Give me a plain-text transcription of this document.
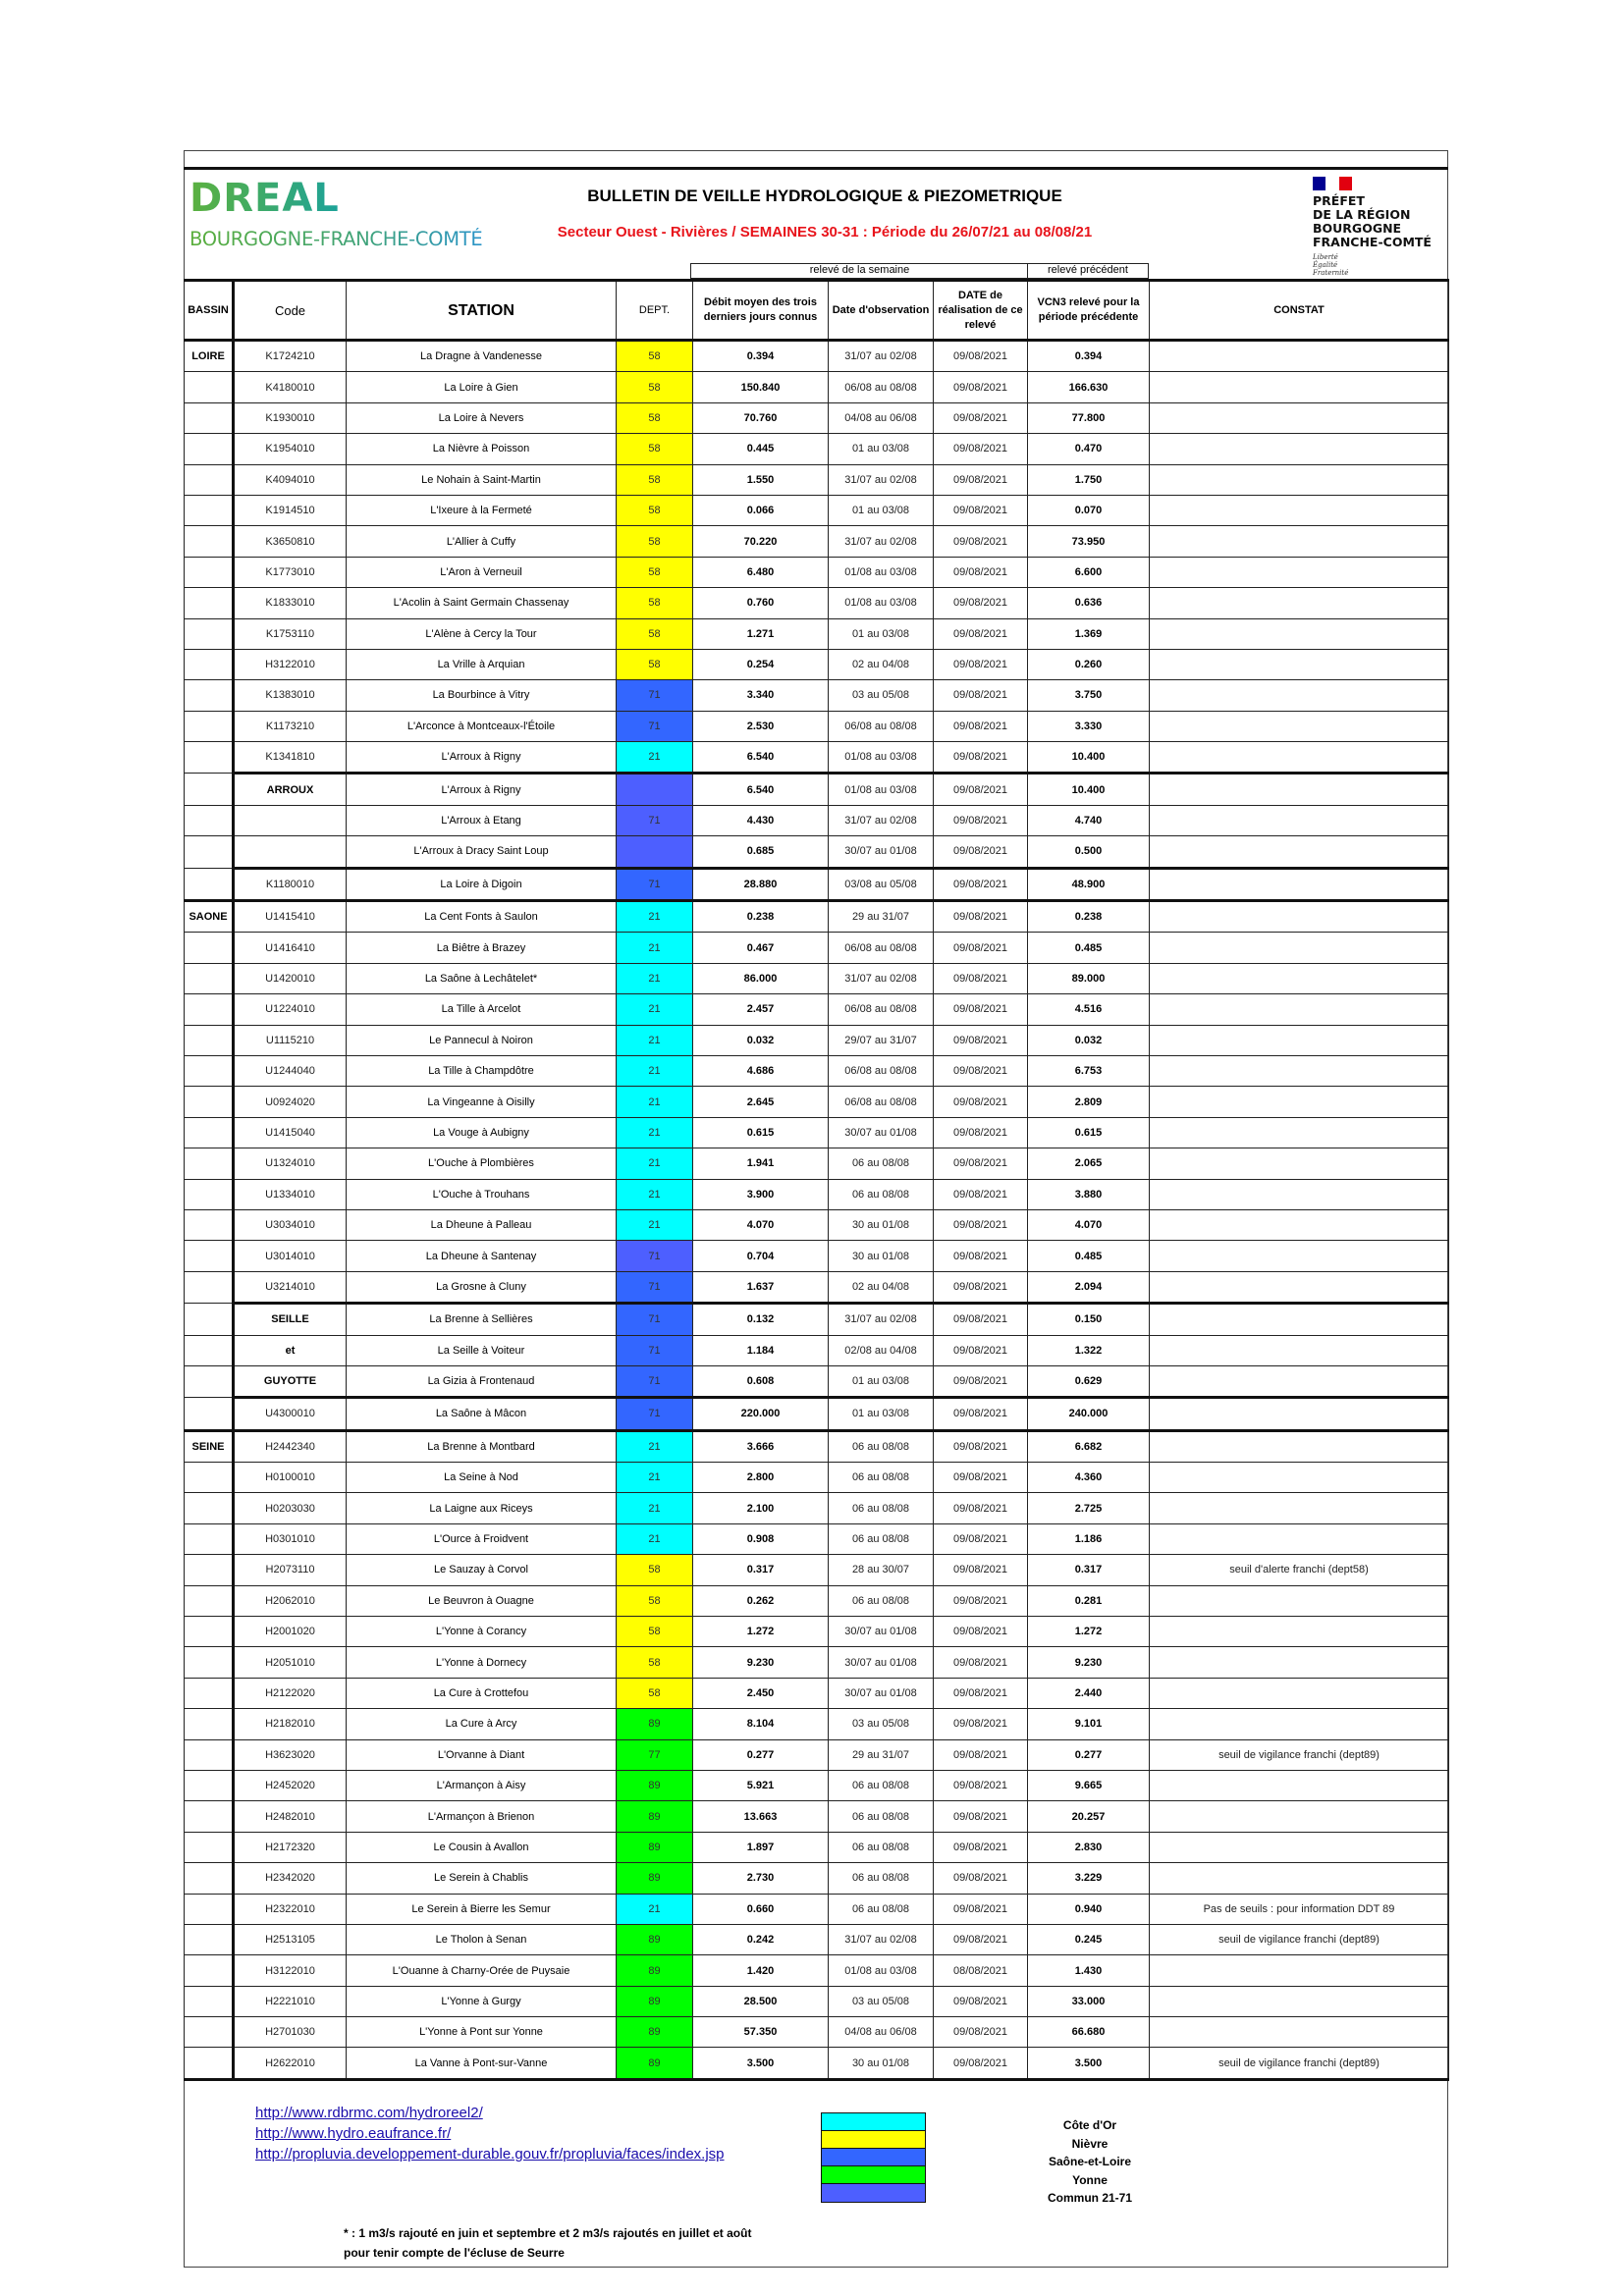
DREAL
BOURGOGNE-FRANCHE-COMTÉ
BULLETIN DE VEILLE HYDROLOGIQUE & PIEZOMETRIQUE
Secteur Ouest - Rivières / SEMAINES 30-31 : Période du 26/07/21 au 08/08/21
PRÉFET
DE LA RÉGION
BOURGOGNE
FRANCHE-COMTÉ
Liberté
Égalité
Fraternité
relevé de la semaine	relevé précédent
BASSIN	Code	STATION	DEPT.	Débit moyen des trois derniers jours connus	Date d'observation	DATE de réalisation de ce relevé	VCN3 relevé pour la période précédente	CONSTAT
LOIRE	K1724210	La Dragne à Vandenesse	58	0.394	31/07 au 02/08	09/08/2021	0.394	
	K4180010	La Loire à Gien	58	150.840	06/08 au 08/08	09/08/2021	166.630	
	K1930010	La Loire à Nevers	58	70.760	04/08 au 06/08	09/08/2021	77.800	
	K1954010	La Nièvre à Poisson	58	0.445	01 au 03/08	09/08/2021	0.470	
	K4094010	Le Nohain à Saint-Martin	58	1.550	31/07 au 02/08	09/08/2021	1.750	
	K1914510	L'Ixeure à la Fermeté	58	0.066	01 au 03/08	09/08/2021	0.070	
	K3650810	L'Allier à Cuffy	58	70.220	31/07 au 02/08	09/08/2021	73.950	
	K1773010	L'Aron à Verneuil	58	6.480	01/08 au 03/08	09/08/2021	6.600	
	K1833010	L'Acolin à Saint Germain Chassenay	58	0.760	01/08 au 03/08	09/08/2021	0.636	
	K1753110	L'Alène à Cercy la Tour	58	1.271	01 au 03/08	09/08/2021	1.369	
	H3122010	La Vrille à Arquian	58	0.254	02 au 04/08	09/08/2021	0.260	
	K1383010	La Bourbince à Vitry	71	3.340	03 au 05/08	09/08/2021	3.750	
	K1173210	L'Arconce à Montceaux-l'Étoile	71	2.530	06/08 au 08/08	09/08/2021	3.330	
	K1341810	L'Arroux à Rigny	21	6.540	01/08 au 03/08	09/08/2021	10.400	
	ARROUX	L'Arroux à Rigny		6.540	01/08 au 03/08	09/08/2021	10.400	
		L'Arroux à Etang	71	4.430	31/07 au 02/08	09/08/2021	4.740	
		L'Arroux à Dracy Saint Loup		0.685	30/07 au 01/08	09/08/2021	0.500	
	K1180010	La Loire à Digoin	71	28.880	03/08 au 05/08	09/08/2021	48.900	
SAONE	U1415410	La Cent Fonts à Saulon	21	0.238	29 au 31/07	09/08/2021	0.238	
	U1416410	La Biêtre à Brazey	21	0.467	06/08 au 08/08	09/08/2021	0.485	
	U1420010	La Saône à Lechâtelet*	21	86.000	31/07 au 02/08	09/08/2021	89.000	
	U1224010	La Tille à Arcelot	21	2.457	06/08 au 08/08	09/08/2021	4.516	
	U1115210	Le Pannecul à Noiron	21	0.032	29/07 au 31/07	09/08/2021	0.032	
	U1244040	La Tille à Champdôtre	21	4.686	06/08 au 08/08	09/08/2021	6.753	
	U0924020	La Vingeanne à Oisilly	21	2.645	06/08 au 08/08	09/08/2021	2.809	
	U1415040	La Vouge à Aubigny	21	0.615	30/07 au 01/08	09/08/2021	0.615	
	U1324010	L'Ouche à Plombières	21	1.941	06 au 08/08	09/08/2021	2.065	
	U1334010	L'Ouche à Trouhans	21	3.900	06 au 08/08	09/08/2021	3.880	
	U3034010	La Dheune à Palleau	21	4.070	30 au 01/08	09/08/2021	4.070	
	U3014010	La Dheune à Santenay	71	0.704	30 au 01/08	09/08/2021	0.485	
	U3214010	La Grosne à Cluny	71	1.637	02 au 04/08	09/08/2021	2.094	
	SEILLE	La Brenne à Sellières	71	0.132	31/07 au 02/08	09/08/2021	0.150	
	et	La Seille à Voiteur	71	1.184	02/08 au 04/08	09/08/2021	1.322	
	GUYOTTE	La Gizia à Frontenaud	71	0.608	01 au 03/08	09/08/2021	0.629	
	U4300010	La Saône à Mâcon	71	220.000	01 au 03/08	09/08/2021	240.000	
SEINE	H2442340	La Brenne à Montbard	21	3.666	06 au 08/08	09/08/2021	6.682	
	H0100010	La Seine à Nod	21	2.800	06 au 08/08	09/08/2021	4.360	
	H0203030	La Laigne aux Riceys	21	2.100	06 au 08/08	09/08/2021	2.725	
	H0301010	L'Ource à Froidvent	21	0.908	06 au 08/08	09/08/2021	1.186	
	H2073110	Le Sauzay à Corvol	58	0.317	28 au 30/07	09/08/2021	0.317	seuil d'alerte franchi (dept58)
	H2062010	Le Beuvron à Ouagne	58	0.262	06 au 08/08	09/08/2021	0.281	
	H2001020	L'Yonne à Corancy	58	1.272	30/07 au 01/08	09/08/2021	1.272	
	H2051010	L'Yonne à Dornecy	58	9.230	30/07 au 01/08	09/08/2021	9.230	
	H2122020	La Cure à Crottefou	58	2.450	30/07 au 01/08	09/08/2021	2.440	
	H2182010	La Cure à Arcy	89	8.104	03 au 05/08	09/08/2021	9.101	
	H3623020	L'Orvanne à Diant	77	0.277	29 au 31/07	09/08/2021	0.277	seuil de vigilance franchi (dept89)
	H2452020	L'Armançon à Aisy	89	5.921	06 au 08/08	09/08/2021	9.665	
	H2482010	L'Armançon à Brienon	89	13.663	06 au 08/08	09/08/2021	20.257	
	H2172320	Le Cousin à Avallon	89	1.897	06 au 08/08	09/08/2021	2.830	
	H2342020	Le Serein à Chablis	89	2.730	06 au 08/08	09/08/2021	3.229	
	H2322010	Le Serein à Bierre les Semur	21	0.660	06 au 08/08	09/08/2021	0.940	Pas de seuils : pour information DDT 89
	H2513105	Le Tholon à Senan	89	0.242	31/07 au 02/08	09/08/2021	0.245	seuil de vigilance franchi (dept89)
	H3122010	L'Ouanne à Charny-Orée de Puysaie	89	1.420	01/08 au 03/08	08/08/2021	1.430	
	H2221010	L'Yonne à Gurgy	89	28.500	03 au 05/08	09/08/2021	33.000	
	H2701030	L'Yonne à Pont sur Yonne	89	57.350	04/08 au 06/08	09/08/2021	66.680	
	H2622010	La Vanne à Pont-sur-Vanne	89	3.500	30 au 01/08	09/08/2021	3.500	seuil de vigilance franchi (dept89)
http://www.rdbrmc.com/hydroreel2/
http://www.hydro.eaufrance.fr/
http://propluvia.developpement-durable.gouv.fr/propluvia/faces/index.jsp
Côte d'Or
Nièvre
Saône-et-Loire
Yonne
Commun 21-71
* : 1 m3/s rajouté en juin et septembre et 2 m3/s rajoutés en juillet et août
pour tenir compte de l'écluse de Seurre
